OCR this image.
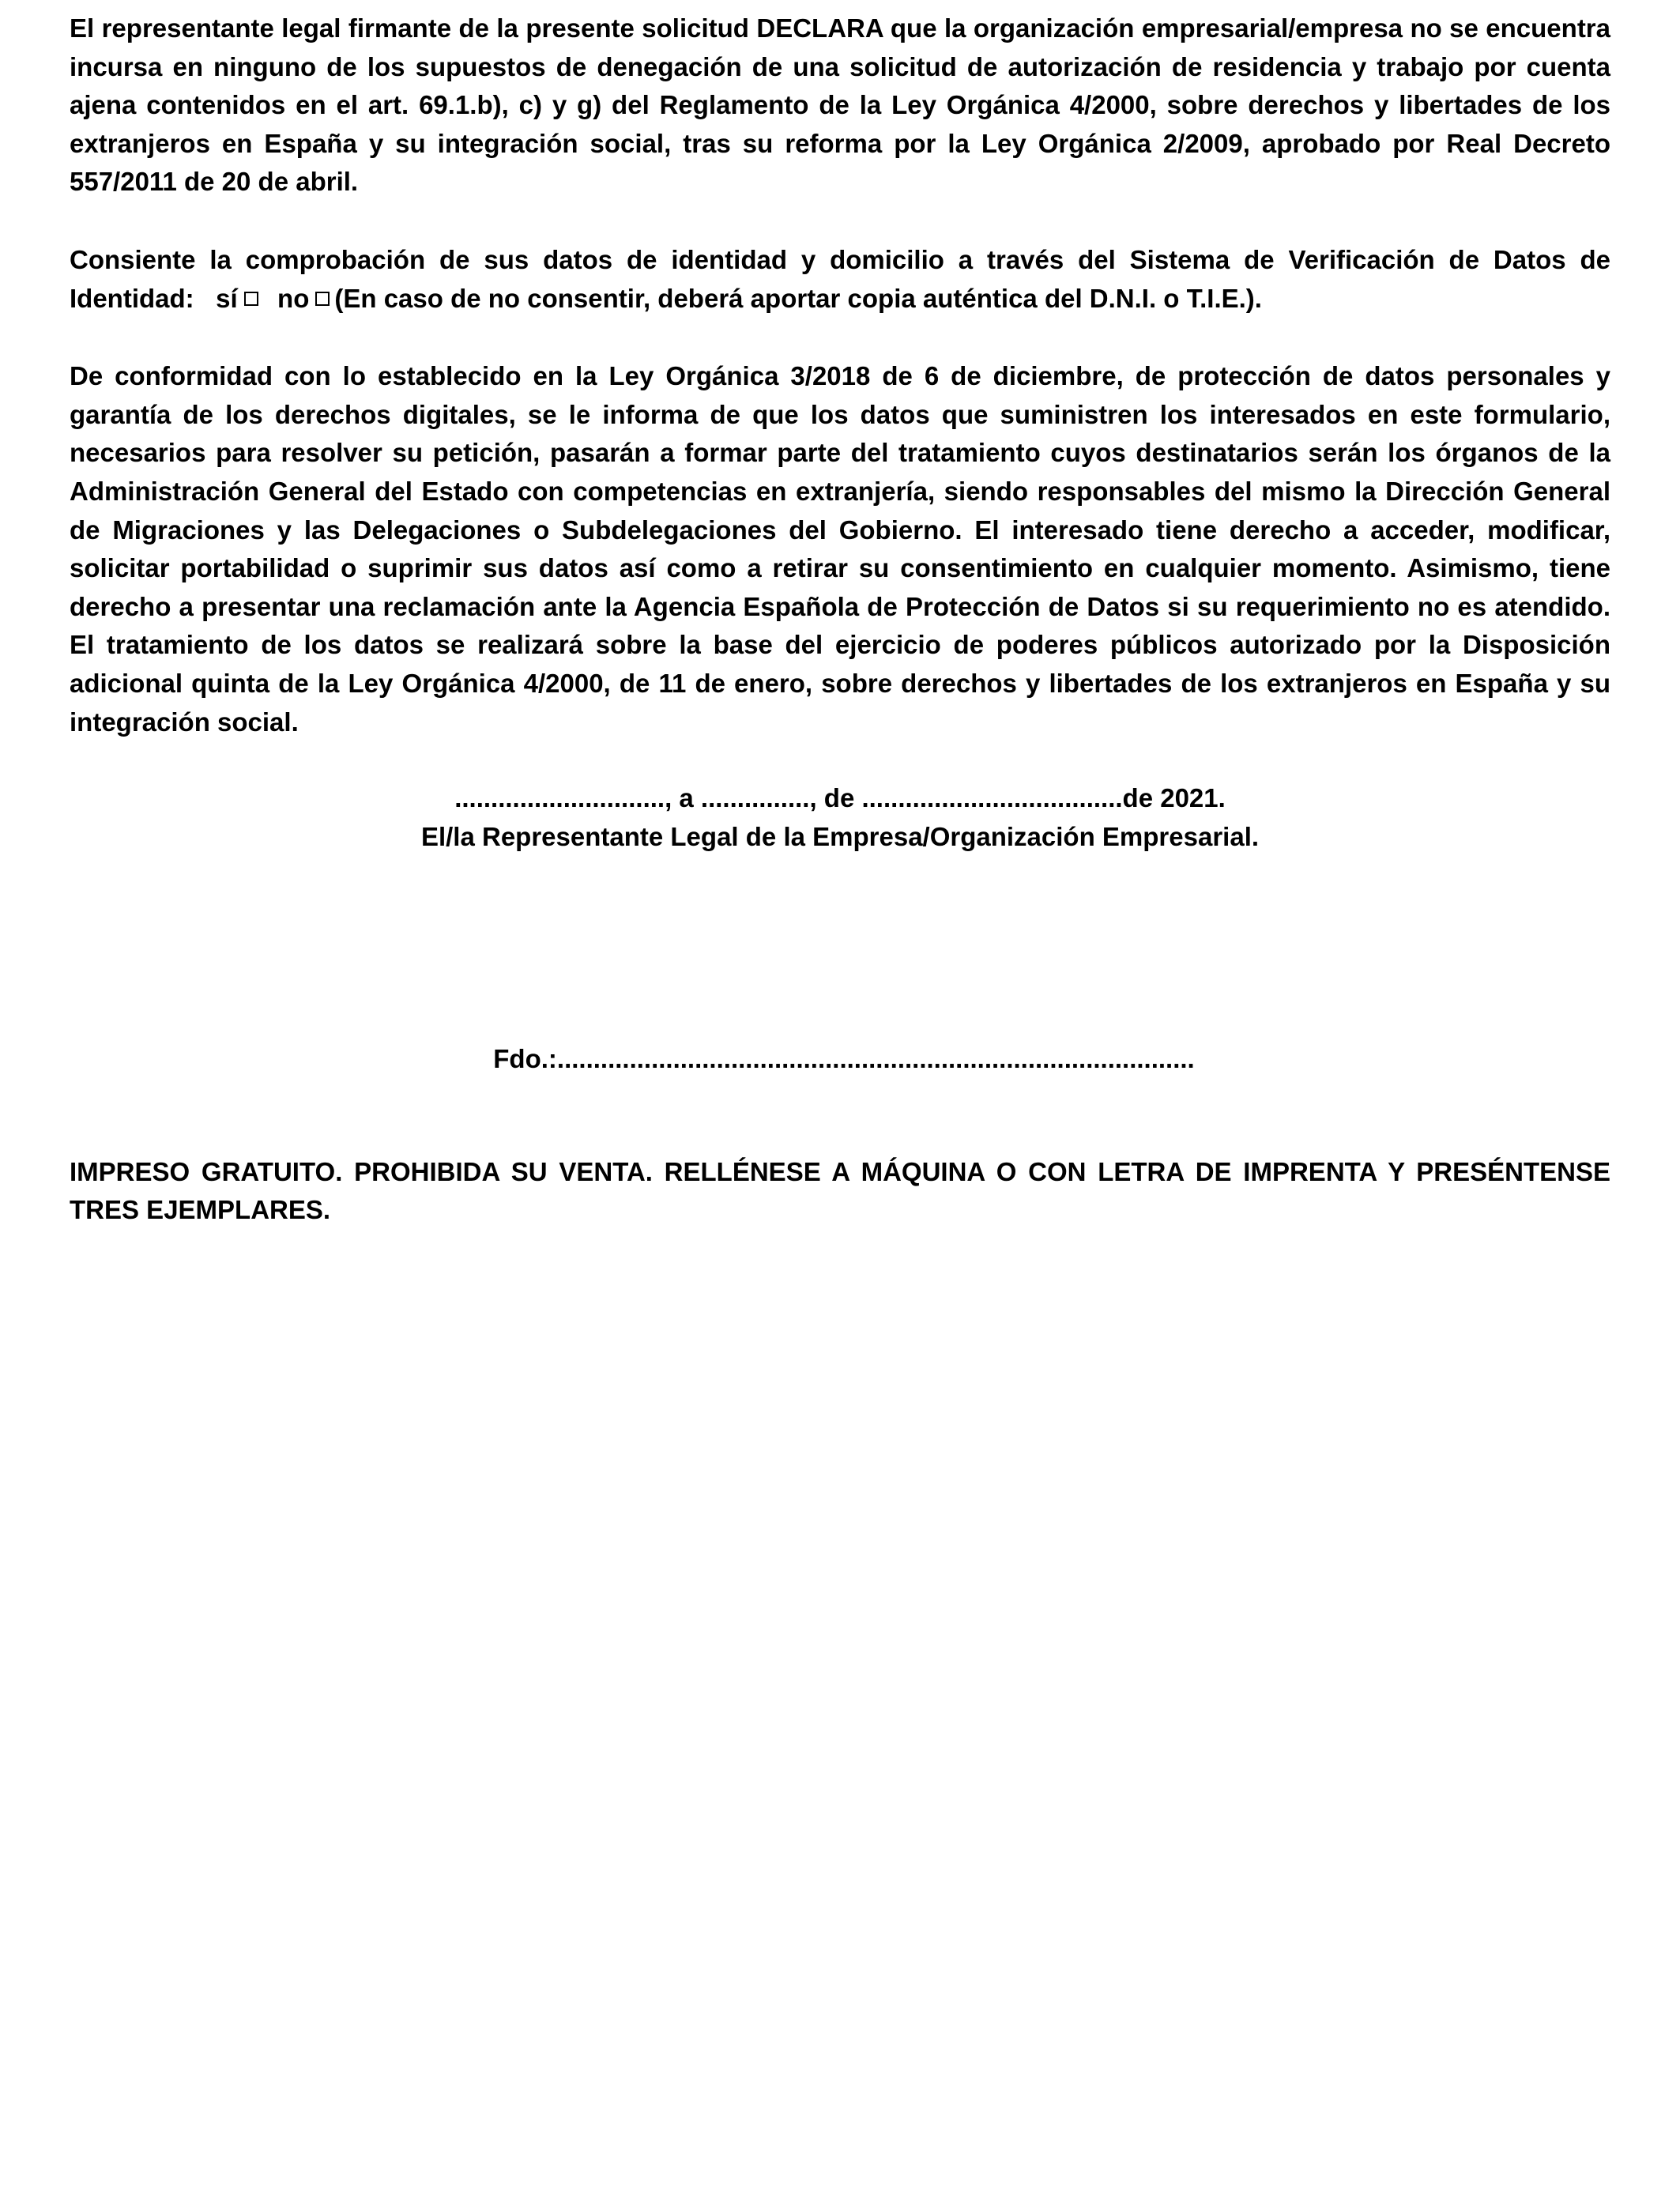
El representante legal firmante de la presente solicitud DECLARA que la organización empresarial/empresa no se encuentra incursa en ninguno de los supuestos de denegación de una solicitud de autorización de residencia y trabajo por cuenta ajena contenidos en el art. 69.1.b), c) y g) del Reglamento de la Ley Orgánica 4/2000, sobre derechos y libertades de los extranjeros en España y su integración social, tras su reforma por la Ley Orgánica 2/2009, aprobado por Real Decreto 557/2011 de 20 de abril.

Consiente la comprobación de sus datos de identidad y domicilio a través del Sistema de Verificación de Datos de Identidad: sí no (En caso de no consentir, deberá aportar copia auténtica del D.N.I. o T.I.E.).

De conformidad con lo establecido en la Ley Orgánica 3/2018 de 6 de diciembre, de protección de datos personales y garantía de los derechos digitales, se le informa de que los datos que suministren los interesados en este formulario, necesarios para resolver su petición, pasarán a formar parte del tratamiento cuyos destinatarios serán los órganos de la Administración General del Estado con competencias en extranjería, siendo responsables del mismo la Dirección General de Migraciones y las Delegaciones o Subdelegaciones del Gobierno. El interesado tiene derecho a acceder, modificar, solicitar portabilidad o suprimir sus datos así como a retirar su consentimiento en cualquier momento. Asimismo, tiene derecho a presentar una reclamación ante la Agencia Española de Protección de Datos si su requerimiento no es atendido. El tratamiento de los datos se realizará sobre la base del ejercicio de poderes públicos autorizado por la Disposición adicional quinta de la Ley Orgánica 4/2000, de 11 de enero, sobre derechos y libertades de los extranjeros en España y su integración social.

............................., a ..............., de ....................................de 2021.

El/la Representante Legal de la Empresa/Organización Empresarial.

Fdo.:........................................................................................

IMPRESO GRATUITO. PROHIBIDA SU VENTA. RELLÉNESE A MÁQUINA O CON LETRA DE IMPRENTA Y PRESÉNTENSE TRES EJEMPLARES.
